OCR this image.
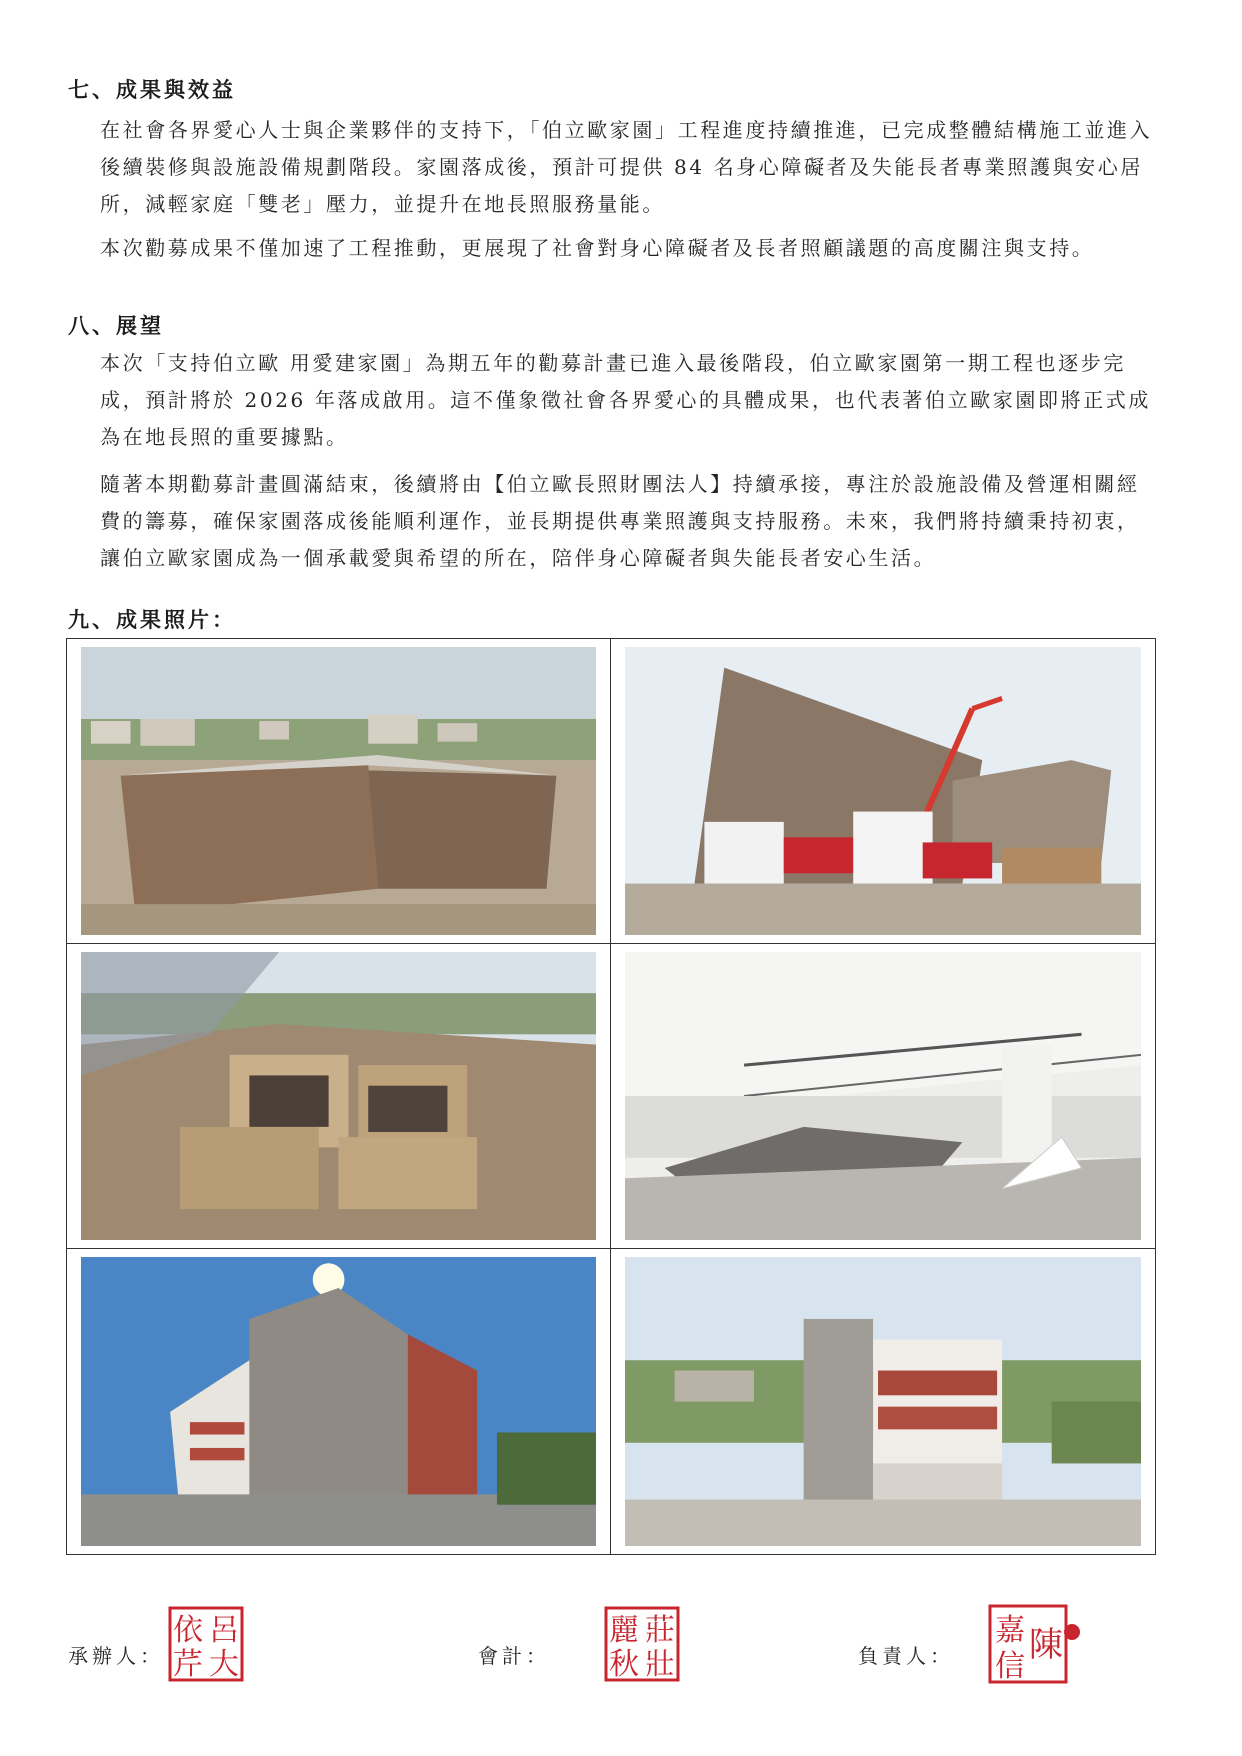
七、成果與效益
在社會各界愛心人士與企業夥伴的支持下，「伯立歐家園」工程進度持續推進，已完成整體結構施工並進入後續裝修與設施設備規劃階段。家園落成後，預計可提供 84 名身心障礙者及失能長者專業照護與安心居所，減輕家庭「雙老」壓力，並提升在地長照服務量能。
本次勸募成果不僅加速了工程推動，更展現了社會對身心障礙者及長者照顧議題的高度關注與支持。
八、展望
本次「支持伯立歐 用愛建家園」為期五年的勸募計畫已進入最後階段，伯立歐家園第一期工程也逐步完成，預計將於 2026 年落成啟用。這不僅象徵社會各界愛心的具體成果，也代表著伯立歐家園即將正式成為在地長照的重要據點。
隨著本期勸募計畫圓滿結束，後續將由【伯立歐長照財團法人】持續承接，專注於設施設備及營運相關經費的籌募，確保家園落成後能順利運作，並長期提供專業照護與支持服務。未來，我們將持續秉持初衷，讓伯立歐家園成為一個承載愛與希望的所在，陪伴身心障礙者與失能長者安心生活。
九、成果照片：
承辦人：
依
芹
呂
大	會計：
麗
秋
莊
壯	負責人：
嘉
信
陳
